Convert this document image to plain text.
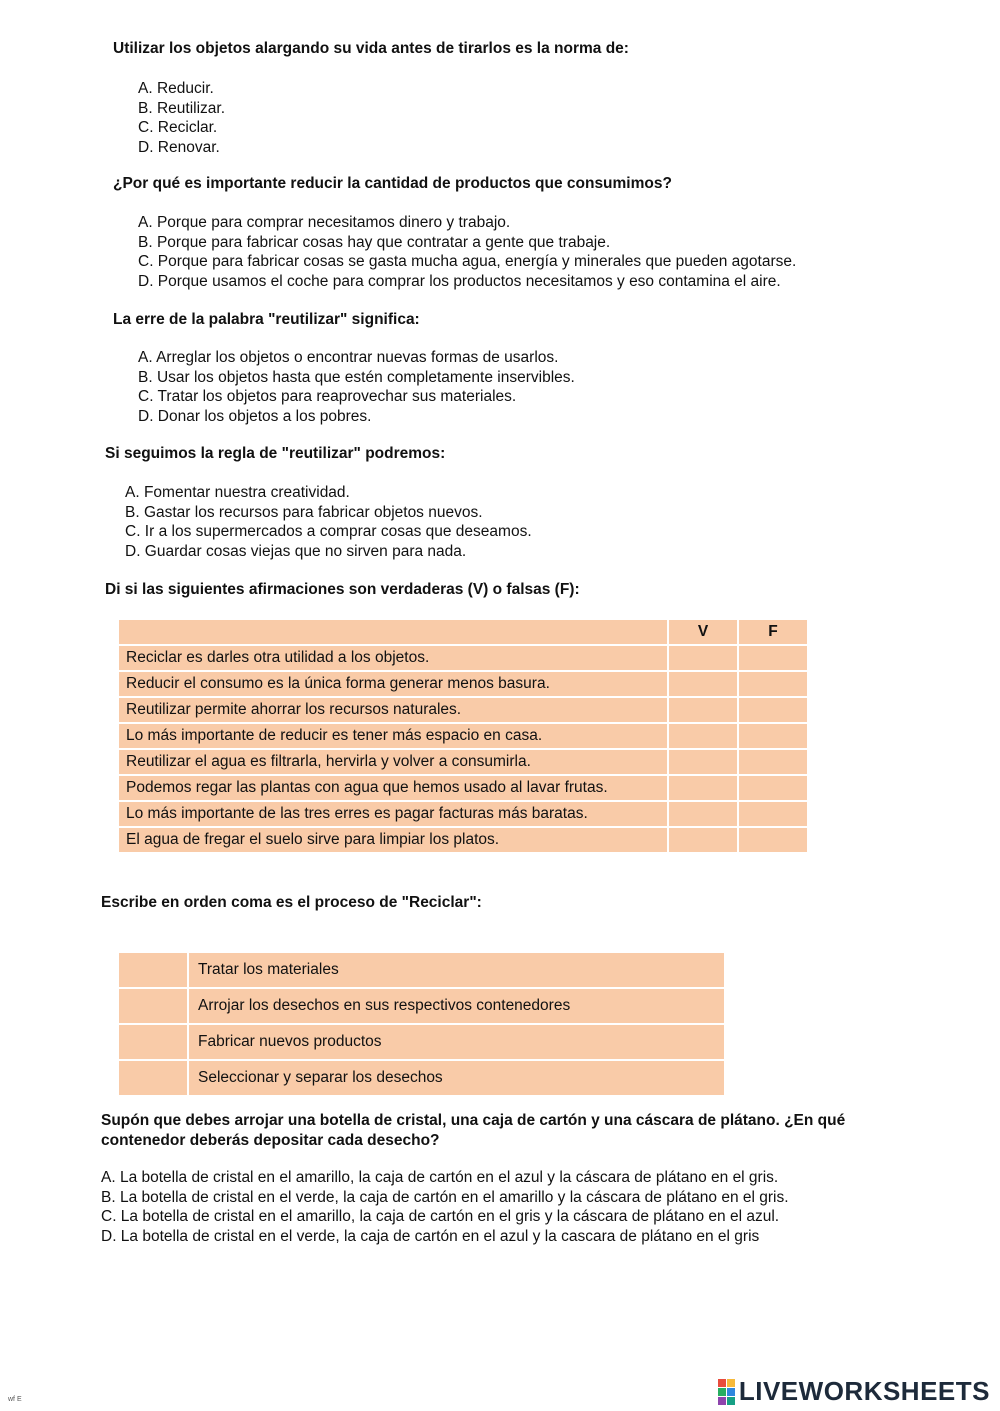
Utilizar los objetos alargando su vida antes de tirarlos es la norma de:
A. Reducir.
B. Reutilizar.
C. Reciclar.
D. Renovar.
¿Por qué es importante reducir la cantidad de productos que consumimos?
A. Porque para comprar necesitamos dinero y trabajo.
B. Porque para fabricar cosas hay que contratar a gente que trabaje.
C. Porque para fabricar cosas se gasta mucha agua, energía y minerales que pueden agotarse.
D. Porque usamos el coche para comprar los productos necesitamos y eso contamina el aire.
La erre de la palabra "reutilizar" significa:
A. Arreglar los objetos o encontrar nuevas formas de usarlos.
B. Usar los objetos hasta que estén completamente inservibles.
C. Tratar los objetos para reaprovechar sus materiales.
D. Donar los objetos a los pobres.
Si seguimos la regla de "reutilizar" podremos:
A. Fomentar nuestra creatividad.
B. Gastar los recursos para fabricar objetos nuevos.
C. Ir a los supermercados a comprar cosas que deseamos.
D. Guardar cosas viejas que no sirven para nada.
Di si las siguientes afirmaciones son verdaderas (V) o falsas (F):
	V	F
Reciclar es darles otra utilidad a los objetos.		
Reducir el consumo es la única forma generar menos basura.		
Reutilizar permite ahorrar los recursos naturales.		
Lo más importante de reducir es tener más espacio en casa.		
Reutilizar el agua es filtrarla, hervirla y volver a consumirla.		
Podemos regar las plantas con agua que hemos usado al lavar frutas.		
Lo más importante de las tres erres es pagar facturas más baratas.		
El agua de fregar el suelo sirve para limpiar los platos.		
Escribe en orden coma es el proceso de "Reciclar":
	Tratar los materiales
	Arrojar los desechos en sus respectivos contenedores
	Fabricar nuevos productos
	Seleccionar y separar los desechos
Supón que debes arrojar una botella de cristal, una caja de cartón y una cáscara de plátano. ¿En qué contenedor deberás depositar cada desecho?
A. La botella de cristal en el amarillo, la caja de cartón en el azul y la cáscara de plátano en el gris.
B. La botella de cristal en el verde, la caja de cartón en el amarillo y la cáscara de plátano en el gris.
C. La botella de cristal en el amarillo, la caja de cartón en el gris y la cáscara de plátano en el azul.
D. La botella de cristal en el verde, la caja de cartón en el azul y la cascara de plátano en el gris
wf E	LIVEWORKSHEETS
